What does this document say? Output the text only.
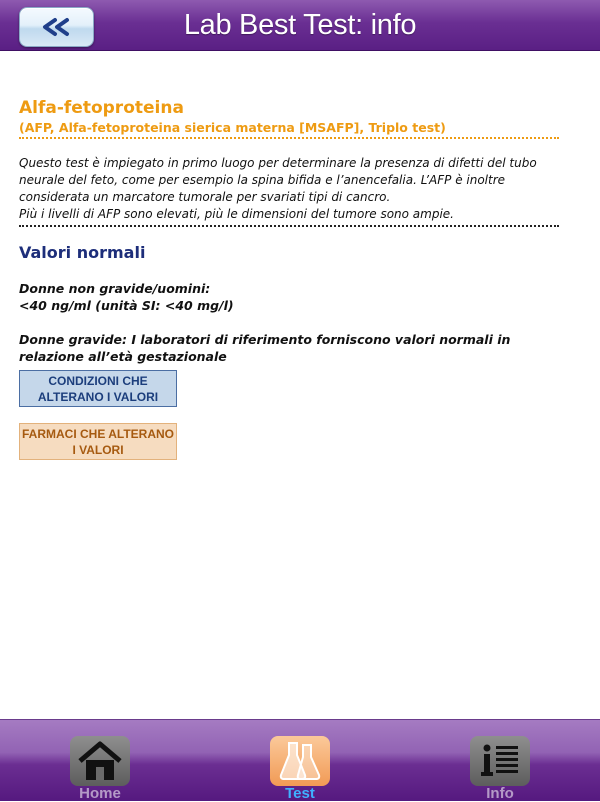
Lab Best Test: info
Alfa-fetoproteina
(AFP, Alfa-fetoproteina sierica materna [MSAFP], Triplo test)

Questo test è impiegato in primo luogo per determinare la presenza di difetti del tubo neurale del feto, come per esempio la spina bifida e l’anencefalia. L’AFP è inoltre considerata un marcatore tumorale per svariati tipi di cancro.

Più i livelli di AFP sono elevati, più le dimensioni del tumore sono ampie.

Valori normali

Donne non gravide/uomini:

<40 ng/ml (unità SI: <40 mg/l)

Donne gravide: I laboratori di riferimento forniscono valori normali in relazione all’età gestazionale

CONDIZIONI CHE ALTERANO I VALORI
FARMACI CHE ALTERANO I VALORI
Home	Test	Info
